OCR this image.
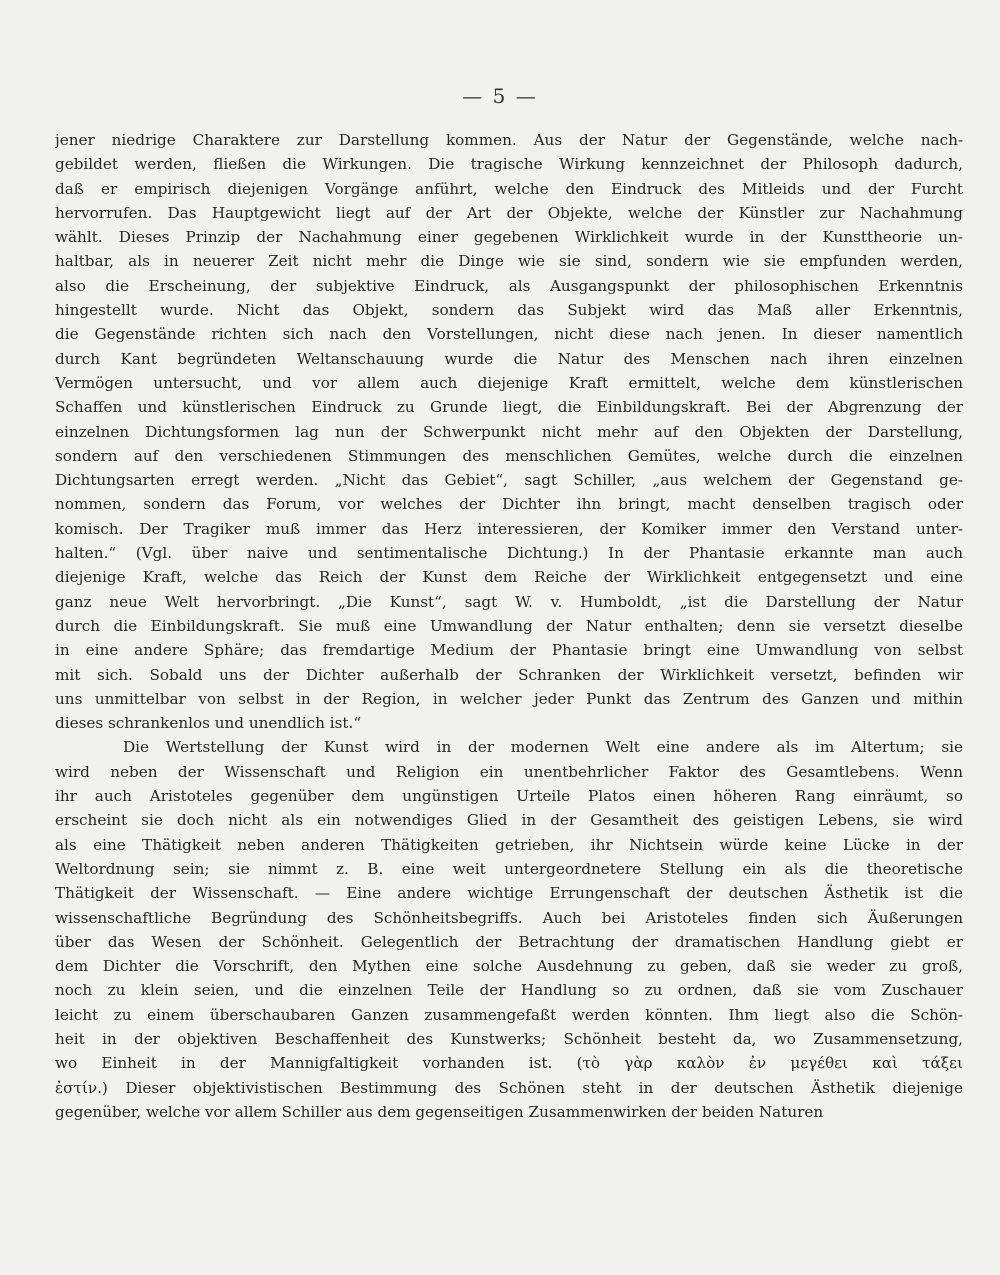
— 5 —
jener niedrige Charaktere zur Darstellung kommen. Aus der Natur der Gegenstände, welche nach-
gebildet werden, fließen die Wirkungen. Die tragische Wirkung kennzeichnet der Philosoph dadurch,
daß er empirisch diejenigen Vorgänge anführt, welche den Eindruck des Mitleids und der Furcht
hervorrufen. Das Hauptgewicht liegt auf der Art der Objekte, welche der Künstler zur Nachahmung
wählt. Dieses Prinzip der Nachahmung einer gegebenen Wirklichkeit wurde in der Kunsttheorie un-
haltbar, als in neuerer Zeit nicht mehr die Dinge wie sie sind, sondern wie sie empfunden werden,
also die Erscheinung, der subjektive Eindruck, als Ausgangspunkt der philosophischen Erkenntnis
hingestellt wurde. Nicht das Objekt, sondern das Subjekt wird das Maß aller Erkenntnis,
die Gegenstände richten sich nach den Vorstellungen, nicht diese nach jenen. In dieser namentlich
durch Kant begründeten Weltanschauung wurde die Natur des Menschen nach ihren einzelnen
Vermögen untersucht, und vor allem auch diejenige Kraft ermittelt, welche dem künstlerischen
Schaffen und künstlerischen Eindruck zu Grunde liegt, die Einbildungskraft. Bei der Abgrenzung der
einzelnen Dichtungsformen lag nun der Schwerpunkt nicht mehr auf den Objekten der Darstellung,
sondern auf den verschiedenen Stimmungen des menschlichen Gemütes, welche durch die einzelnen
Dichtungsarten erregt werden. „Nicht das Gebiet“, sagt Schiller, „aus welchem der Gegenstand ge-
nommen, sondern das Forum, vor welches der Dichter ihn bringt, macht denselben tragisch oder
komisch. Der Tragiker muß immer das Herz interessieren, der Komiker immer den Verstand unter-
halten.“ (Vgl. über naive und sentimentalische Dichtung.) In der Phantasie erkannte man auch
diejenige Kraft, welche das Reich der Kunst dem Reiche der Wirklichkeit entgegensetzt und eine
ganz neue Welt hervorbringt. „Die Kunst“, sagt W. v. Humboldt, „ist die Darstellung der Natur
durch die Einbildungskraft. Sie muß eine Umwandlung der Natur enthalten; denn sie versetzt dieselbe
in eine andere Sphäre; das fremdartige Medium der Phantasie bringt eine Umwandlung von selbst
mit sich. Sobald uns der Dichter außerhalb der Schranken der Wirklichkeit versetzt, befinden wir
uns unmittelbar von selbst in der Region, in welcher jeder Punkt das Zentrum des Ganzen und mithin
dieses schrankenlos und unendlich ist.“
Die Wertstellung der Kunst wird in der modernen Welt eine andere als im Altertum; sie
wird neben der Wissenschaft und Religion ein unentbehrlicher Faktor des Gesamtlebens. Wenn
ihr auch Aristoteles gegenüber dem ungünstigen Urteile Platos einen höheren Rang einräumt, so
erscheint sie doch nicht als ein notwendiges Glied in der Gesamtheit des geistigen Lebens, sie wird
als eine Thätigkeit neben anderen Thätigkeiten getrieben, ihr Nichtsein würde keine Lücke in der
Weltordnung sein; sie nimmt z. B. eine weit untergeordnetere Stellung ein als die theoretische
Thätigkeit der Wissenschaft. — Eine andere wichtige Errungenschaft der deutschen Ästhetik ist die
wissenschaftliche Begründung des Schönheitsbegriffs. Auch bei Aristoteles finden sich Äußerungen
über das Wesen der Schönheit. Gelegentlich der Betrachtung der dramatischen Handlung giebt er
dem Dichter die Vorschrift, den Mythen eine solche Ausdehnung zu geben, daß sie weder zu groß,
noch zu klein seien, und die einzelnen Teile der Handlung so zu ordnen, daß sie vom Zuschauer
leicht zu einem überschaubaren Ganzen zusammengefaßt werden könnten. Ihm liegt also die Schön-
heit in der objektiven Beschaffenheit des Kunstwerks; Schönheit besteht da, wo Zusammensetzung,
wo Einheit in der Mannigfaltigkeit vorhanden ist. (τὸ γὰρ καλὸν ἐν μεγέθει καὶ τάξει
ἐστίν.) Dieser objektivistischen Bestimmung des Schönen steht in der deutschen Ästhetik diejenige
gegenüber, welche vor allem Schiller aus dem gegenseitigen Zusammenwirken der beiden Naturen
